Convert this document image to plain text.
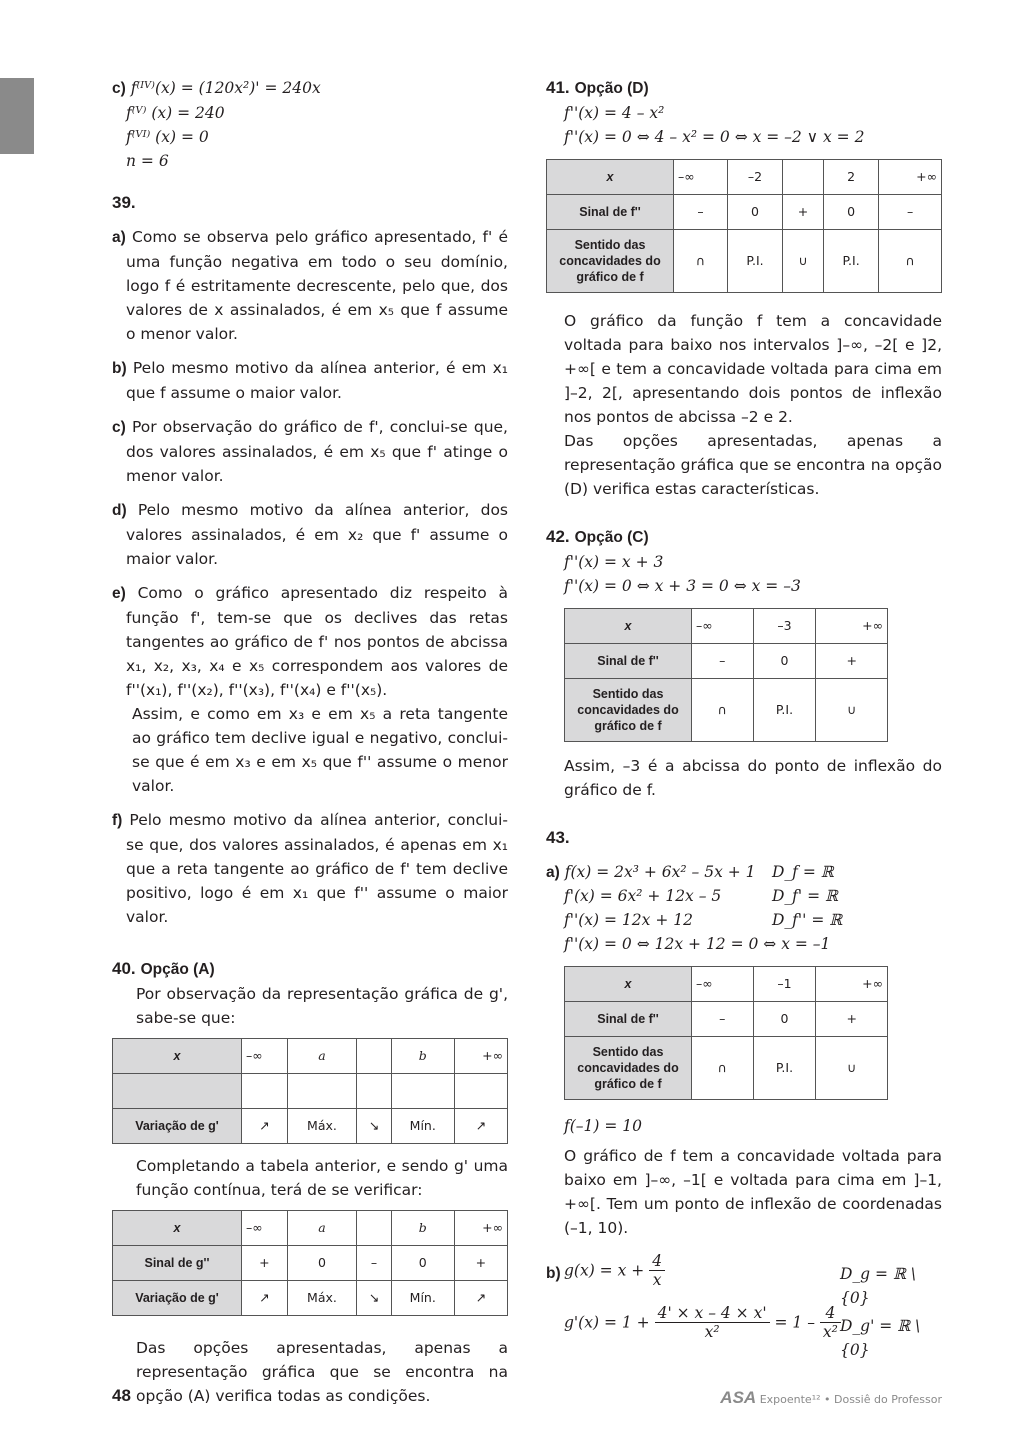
c) f⁽ᴵⱽ⁾(x) = (120x²)' = 240x

f⁽ⱽ⁾ (x) = 240

f⁽ⱽᴵ⁾ (x) = 0

n = 6

39.

a) Como se observa pelo gráfico apresentado, f' é uma função negativa em todo o seu domínio, logo f é estritamente decrescente, pelo que, dos valores de x assinalados, é em x₅ que f assume o menor valor.

b) Pelo mesmo motivo da alínea anterior, é em x₁ que f assume o maior valor.

c) Por observação do gráfico de f', conclui-se que, dos valores assinalados, é em x₅ que f' atinge o menor valor.

d) Pelo mesmo motivo da alínea anterior, dos valores assinalados, é em x₂ que f' assume o maior valor.

e) Como o gráfico apresentado diz respeito à função f', tem-se que os declives das retas tangentes ao gráfico de f' nos pontos de abcissa x₁, x₂, x₃, x₄ e x₅ correspondem aos valores de f''(x₁), f''(x₂), f''(x₃), f''(x₄) e f''(x₅).

Assim, e como em x₃ e em x₅ a reta tangente ao gráfico tem declive igual e negativo, conclui-se que é em x₃ e em x₅ que f'' assume o menor valor.

f) Pelo mesmo motivo da alínea anterior, conclui-se que, dos valores assinalados, é apenas em x₁ que a reta tangente ao gráfico de f' tem declive positivo, logo é em x₁ que f'' assume o maior valor.

40. Opção (A)

Por observação da representação gráfica de g', sabe-se que:

x	–∞	a		b	+∞

Variação de g'	↗	Máx.	↘	Mín.	↗

Completando a tabela anterior, e sendo g' uma função contínua, terá de se verificar:

x	–∞	a		b	+∞
Sinal de g''	+	0	–	0	+
Variação de g'	↗	Máx.	↘	Mín.	↗

Das opções apresentadas, apenas a representação gráfica que se encontra na opção (A) verifica todas as condições.

41. Opção (D)

f''(x) = 4 – x²

f''(x) = 0 ⇔ 4 – x² = 0 ⇔ x = –2 ∨ x = 2

x	–∞	–2		2	+∞
Sinal de f''	–	0	+	0	–
Sentido das concavidades do gráfico de f	∩	P.I.	∪	P.I.	∩

O gráfico da função f tem a concavidade voltada para baixo nos intervalos ]–∞, –2[ e ]2, +∞[ e tem a concavidade voltada para cima em ]–2, 2[, apresentando dois pontos de inflexão nos pontos de abcissa –2 e 2.

Das opções apresentadas, apenas a representação gráfica que se encontra na opção (D) verifica estas características.

42. Opção (C)

f''(x) = x + 3

f''(x) = 0 ⇔ x + 3 = 0 ⇔ x = –3

x	–∞	–3	+∞
Sinal de f''	–	0	+
Sentido das concavidades do gráfico de f	∩	P.I.	∪

Assim, –3 é a abcissa do ponto de inflexão do gráfico de f.

43.

a) f(x) = 2x³ + 6x² – 5x + 1 D_f = ℝ
f'(x) = 6x² + 12x – 5	D_f' = ℝ
f''(x) = 12x + 12	D_f'' = ℝ
f''(x) = 0 ⇔ 12x + 12 = 0 ⇔ x = –1
x	–∞	–1	+∞
Sinal de f''	–	0	+
Sentido das concavidades do gráfico de f	∩	P.I.	∪

f(–1) = 10

O gráfico de f tem a concavidade voltada para baixo em ]–∞, –1[ e voltada para cima em ]–1, +∞[. Tem um ponto de inflexão de coordenadas (–1, 10).

b) $g(x) = x + \frac{4}{x}$	D_g = ℝ \ {0}
$g'(x) = 1 + \frac{4' \times x - 4 \times x'}{\text{x²}} = 1 - \frac{4}{\text{x²}}$ D_g' = ℝ \ {0}
48	ASA Expoente¹² • Dossiê do Professor
